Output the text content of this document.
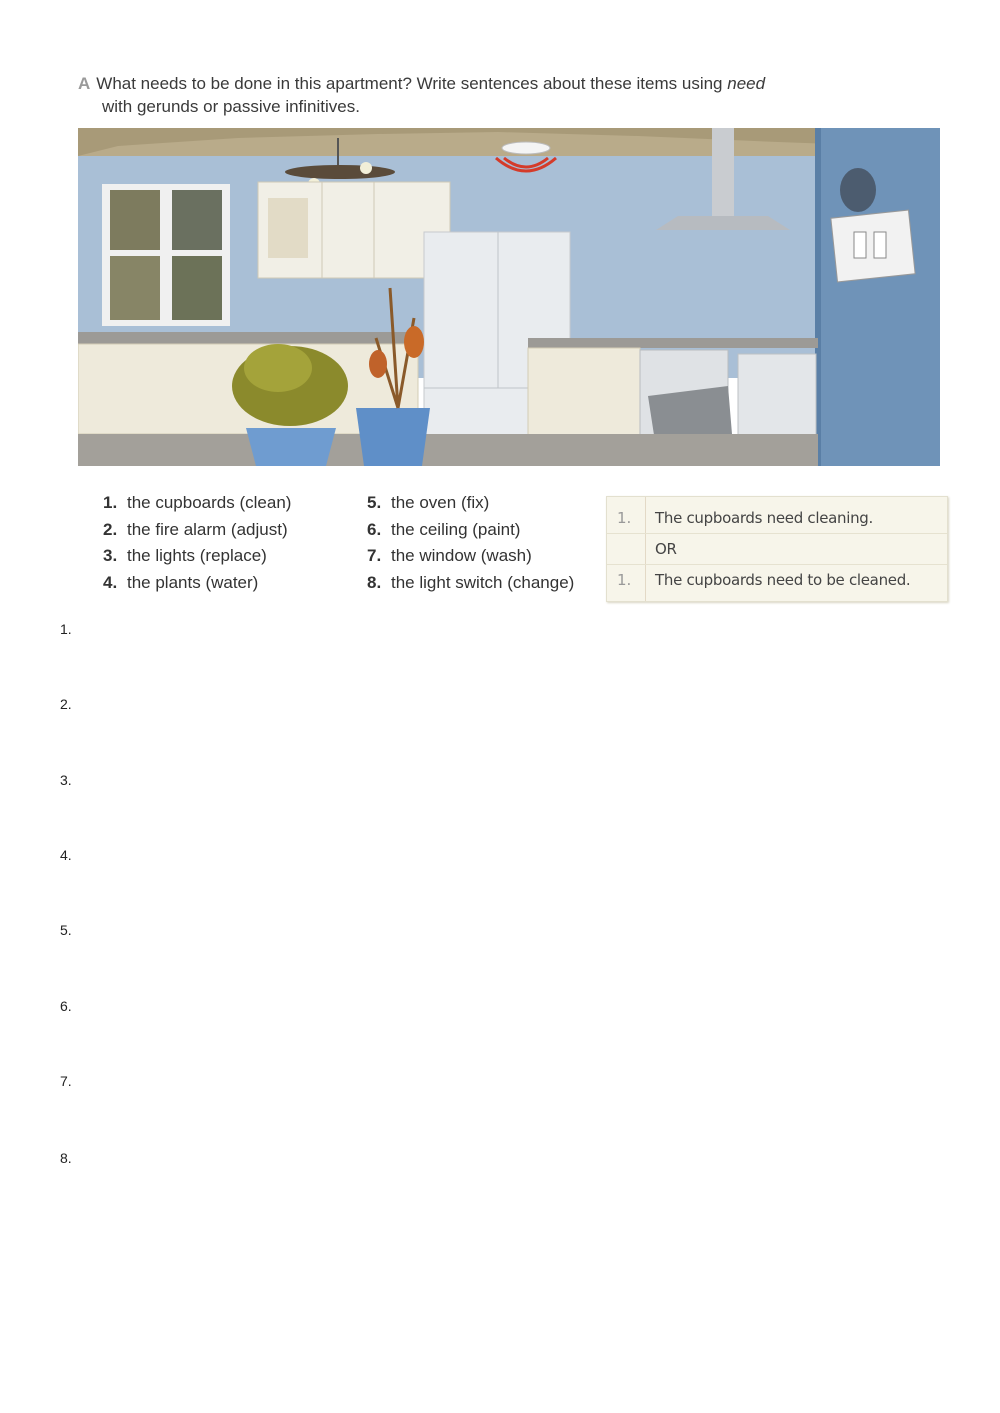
A What needs to be done in this apartment? Write sentences about these items using need
with gerunds or passive infinitives.
1. the cupboards (clean)
2. the fire alarm (adjust)
3. the lights (replace)
4. the plants (water)
5. the oven (fix)
6. the ceiling (paint)
7. the window (wash)
8. the light switch (change)
1. The cupboards need cleaning.
OR
1. The cupboards need to be cleaned.
1.
2.
3.
4.
5.
6.
7.
8.
